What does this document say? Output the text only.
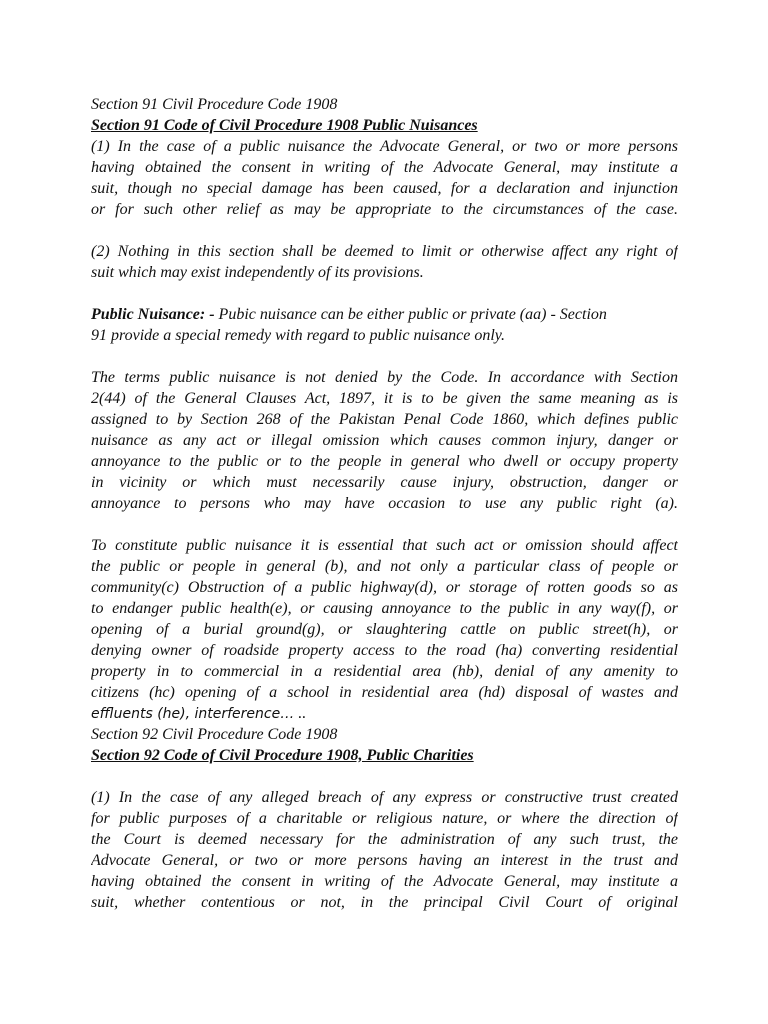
Section 91 Civil Procedure Code 1908
Section 91 Code of Civil Procedure 1908 Public Nuisances
(1) In the case of a public nuisance the Advocate General, or two or more persons
having obtained the consent in writing of the Advocate General, may institute a
suit, though no special damage has been caused, for a declaration and injunction
or for such other relief as may be appropriate to the circumstances of the case.
(2) Nothing in this section shall be deemed to limit or otherwise affect any right of
suit which may exist independently of its provisions.
Public Nuisance: - Pubic nuisance can be either public or private (aa) - Section
91 provide a special remedy with regard to public nuisance only.
The terms public nuisance is not denied by the Code. In accordance with Section
2(44) of the General Clauses Act, 1897, it is to be given the same meaning as is
assigned to by Section 268 of the Pakistan Penal Code 1860, which defines public
nuisance as any act or illegal omission which causes common injury, danger or
annoyance to the public or to the people in general who dwell or occupy property
in vicinity or which must necessarily cause injury, obstruction, danger or
annoyance to persons who may have occasion to use any public right (a).
To constitute public nuisance it is essential that such act or omission should affect
the public or people in general (b), and not only a particular class of people or
community(c) Obstruction of a public highway(d), or storage of rotten goods so as
to endanger public health(e), or causing annoyance to the public in any way(f), or
opening of a burial ground(g), or slaughtering cattle on public street(h), or
denying owner of roadside property access to the road (ha) converting residential
property in to commercial in a residential area (hb), denial of any amenity to
citizens (hc) opening of a school in residential area (hd) disposal of wastes and
effluents (he), interference… ..
Section 92 Civil Procedure Code 1908
Section 92 Code of Civil Procedure 1908, Public Charities
(1) In the case of any alleged breach of any express or constructive trust created
for public purposes of a charitable or religious nature, or where the direction of
the Court is deemed necessary for the administration of any such trust, the
Advocate General, or two or more persons having an interest in the trust and
having obtained the consent in writing of the Advocate General, may institute a
suit, whether contentious or not, in the principal Civil Court of original
